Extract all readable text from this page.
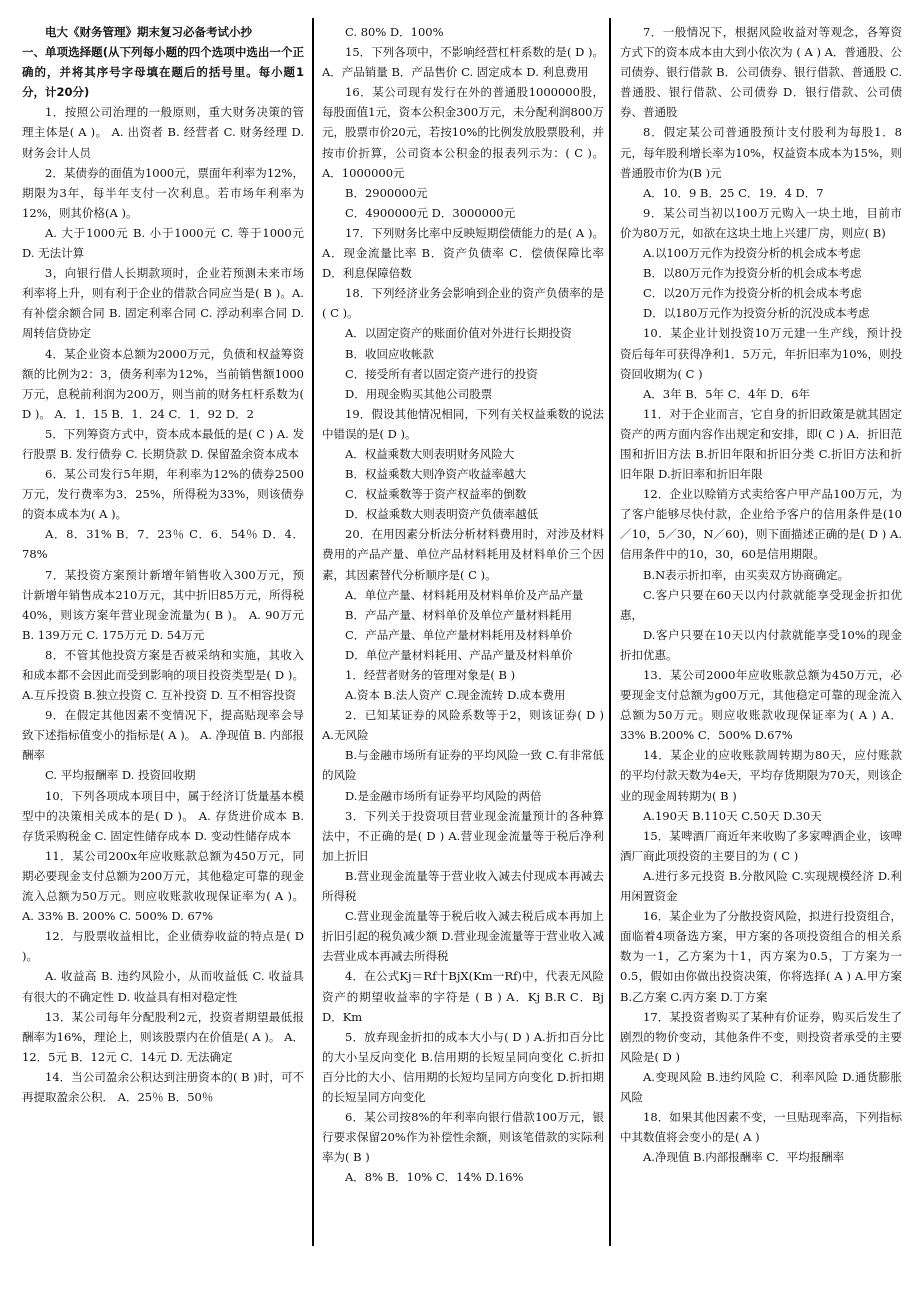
电大《财务管理》期末复习必备考试小抄

一、单项选择题(从下列每小题的四个选项中选出一个正确的，并将其序号字母填在题后的括号里。每小题1分，计20分)

1．按照公司治理的一般原则，重大财务决策的管理主体是( A )。 A. 出资者 B. 经营者 C. 财务经理 D. 财务会计人员

2．某债券的面值为1000元，票面年利率为12%，期限为3年，每半年支付一次利息。若市场年利率为12%，则其价格(A )。

A. 大于1000元 B. 小于1000元 C. 等于1000元 D. 无法计算

3，向银行借人长期款项时，企业若预测未来市场利率将上升，则有利于企业的借款合同应当是( B )。A.有补偿余额合同 B. 固定利率合同 C. 浮动利率合同 D. 周转信贷协定

4．某企业资本总额为2000万元，负债和权益筹资额的比例为2：3，债务利率为12%，当前销售额1000万元，息税前利润为200万，则当前的财务杠杆系数为( D )。 A．1．15 B．1．24 C．1．92 D．2

5．下列筹资方式中，资本成本最低的是( C ) A. 发行股票 B. 发行债券 C. 长期贷款 D. 保留盈余资本成本

6．某公司发行5年期，年利率为12%的债券2500万元，发行费率为3．25%，所得税为33%，则该债券的资本成本为( A )。

A．8．31% B．7．23％ C．6．54％ D．4．78%

7．某投资方案预计新增年销售收入300万元，预计新增年销售成本210万元，其中折旧85万元，所得税40%，则该方案年营业现金流量为( B )。 A. 90万元 B. 139万元 C. 175万元 D. 54万元

8．不管其他投资方案是否被采纳和实施，其收入和成本都不会因此而受到影响的项目投资类型是( D )。 A.互斥投资 B.独立投资 C. 互补投资 D. 互不相容投资

9．在假定其他因素不变情况下，提高贴现率会导致下述指标值变小的指标是( A )。 A. 净现值 B. 内部报酬率

C. 平均报酬率 D. 投资回收期

10．下列各项成本项目中，属于经济订货量基本模型中的决策相关成本的是( D )。 A. 存货进价成本 B. 存货采购税金 C. 固定性储存成本 D. 变动性储存成本

11．某公司200x年应收账款总额为450万元，同期必要现金支付总额为200万元，其他稳定可靠的现金流入总额为50万元。则应收账款收现保证率为( A )。 A. 33% B. 200% C. 500% D. 67%

12．与股票收益相比，企业债券收益的特点是( D )。

A. 收益高 B. 违约风险小，从而收益低 C. 收益具有很大的不确定性 D. 收益具有相对稳定性

13．某公司每年分配股利2元，投资者期望最低报酬率为16%，理论上，则该股票内在价值是( A )。 A．12．5元 B．12元 C．14元 D. 无法确定

14．当公司盈余公积达到注册资本的( B )时，可不再提取盈余公积． A．25％ B．50％

C. 80% D．100%

15．下列各项中，不影响经营杠杆系数的是( D )。 A．产品销量 B．产品售价 C. 固定成本 D. 利息费用

16．某公司现有发行在外的普通股1000000股，每股面值1元，资本公积金300万元，未分配利润800万元，股票市价20元，若按10%的比例发放股票股利，并按市价折算，公司资本公积金的报表列示为：( C )。 A．1000000元

B．2900000元

C．4900000元 D．3000000元

17．下列财务比率中反映短期偿债能力的是( A )。 A．现金流量比率 B．资产负债率 C．偿债保障比率 D．利息保障倍数

18．下列经济业务会影响到企业的资产负债率的是( C )。

A．以固定资产的账面价值对外进行长期投资

B．收回应收帐款

C．接受所有者以固定资产进行的投资

D．用现金购买其他公司股票

19．假设其他情况相同，下列有关权益乘数的说法中错误的是( D )。

A．权益乘数大则表明财务风险大

B．权益乘数大则净资产收益率越大

C．权益乘数等于资产权益率的倒数

D．权益乘数大则表明资产负债率越低

20．在用因素分析法分析材料费用时，对涉及材料费用的产品产量、单位产品材料耗用及材料单价三个因素，其因素替代分析顺序是( C )。

A．单位产量、材料耗用及材料单价及产品产量

B．产品产量、材料单价及单位产量材料耗用

C．产品产量、单位产量材料耗用及材料单价

D．单位产量材料耗用、产品产量及材料单价

1．经营者财务的管理对象是( B )

A.资本 B.法人资产 C.现金流转 D.成本费用

2．已知某证券的风险系数等于2，则该证券( D ) A.无风险

B.与金融市场所有证券的平均风险一致 C.有非常低的风险

D.是金融市场所有证券平均风险的两倍

3．下列关于投资项目营业现金流量预计的各种算法中，不正确的是( D ) A.营业现金流量等于税后净利加上折旧

B.营业现金流量等于营业收入减去付现成本再减去所得税

C.营业现金流量等于税后收入减去税后成本再加上折旧引起的税负减少额 D.营业现金流量等于营业收入减去营业成本再减去所得税

4．在公式Kj＝Rf十BjX(Km一Rf)中，代表无风险资产的期望收益率的字符是 ( B ) A．Kj B.R C．Bj D．Km

5．放弃现金折扣的成本大小与( D ) A.折扣百分比的大小呈反向变化 B.信用期的长短呈同向变化 C.折扣百分比的大小、信用期的长短均呈同方向变化 D.折扣期的长短呈同方向变化

6．某公司按8%的年利率向银行借款100万元，银行要求保留20%作为补偿性余额，则该笔借款的实际利率为( B )

A．8% B．10% C．14% D.16%

7．一般情况下，根据风险收益对等观念，各筹资方式下的资本成本由大到小依次为 ( A ) A．普通股、公司债券、银行借款 B．公司债券、银行借款、普通股 C.普通股、银行借款、公司债券 D．银行借款、公司债券、普通股

8．假定某公司普通股预计支付股利为每股1．8元，每年股利增长率为10%，权益资本成本为15%，则普通股市价为(B )元

A．10．9 B．25 C．19．4 D．7

9．某公司当初以100万元购入一块土地，目前市价为80万元，如欲在这块土地上兴建厂房，则应( B)

A.以100万元作为投资分析的机会成本考虑

B．以80万元作为投资分析的机会成本考虑

C．以20万元作为投资分析的机会成本考虑

D．以180万元作为投资分析的沉没成本考虑

10．某企业计划投资10万元建一生产线，预计投资后每年可获得净利1．5万元，年折旧率为10%，则投资回收期为( C )

A．3年 B．5年 C．4年 D．6年

11．对于企业而言，它自身的折旧政策是就其固定资产的两方面内容作出规定和安排，即( C ) A．折旧范围和折旧方法 B.折旧年限和折旧分类 C.折旧方法和折旧年限 D.折旧率和折旧年限

12．企业以赊销方式卖给客户甲产品100万元，为了客户能够尽快付款，企业给予客户的信用条件是(10／10，5／30，N／60)，则下面描述正确的是( D ) A.信用条件中的10，30，60是信用期限。

B.N表示折扣率，由买卖双方协商确定。

C.客户只要在60天以内付款就能享受现金折扣优惠，

D.客户只要在10天以内付款就能享受10%的现金折扣优惠。

13．某公司2000年应收账款总额为450万元，必要现金支付总额为g00万元，其他稳定可靠的现金流入总额为50万元。则应收账款收现保证率为( A ) A．33% B.200% C．500% D.67%

14．某企业的应收账款周转期为80天，应付账款的平均付款天数为4e天，平均存货期限为70天，则该企业的现金周转期为( B )

A.190天 B.110天 C.50天 D.30天

15．某啤酒厂商近年来收购了多家啤酒企业，该啤酒厂商此项投资的主要目的为 ( C )

A.进行多元投资 B.分散风险 C.实现规模经济 D.利用闲置资金

16．某企业为了分散投资风险，拟进行投资组合，面临着4项备选方案，甲方案的各项投资组合的相关系数为一1，乙方案为十1，丙方案为0.5，丁方案为一0.5，假如由你做出投资决策，你将选择( A ) A.甲方案 B.乙方案 C.丙方案 D.丁方案

17．某投资者购买了某种有价证券，购买后发生了剧烈的物价变动，其他条件不变，则投资者承受的主要风险是( D )

A.变现风险 B.违约风险 C．利率风险 D.通货膨胀风险

18．如果其他因素不变，一旦贴现率高，下列指标中其数值将会变小的是( A )

A.净现值 B.内部报酬率 C．平均报酬率
